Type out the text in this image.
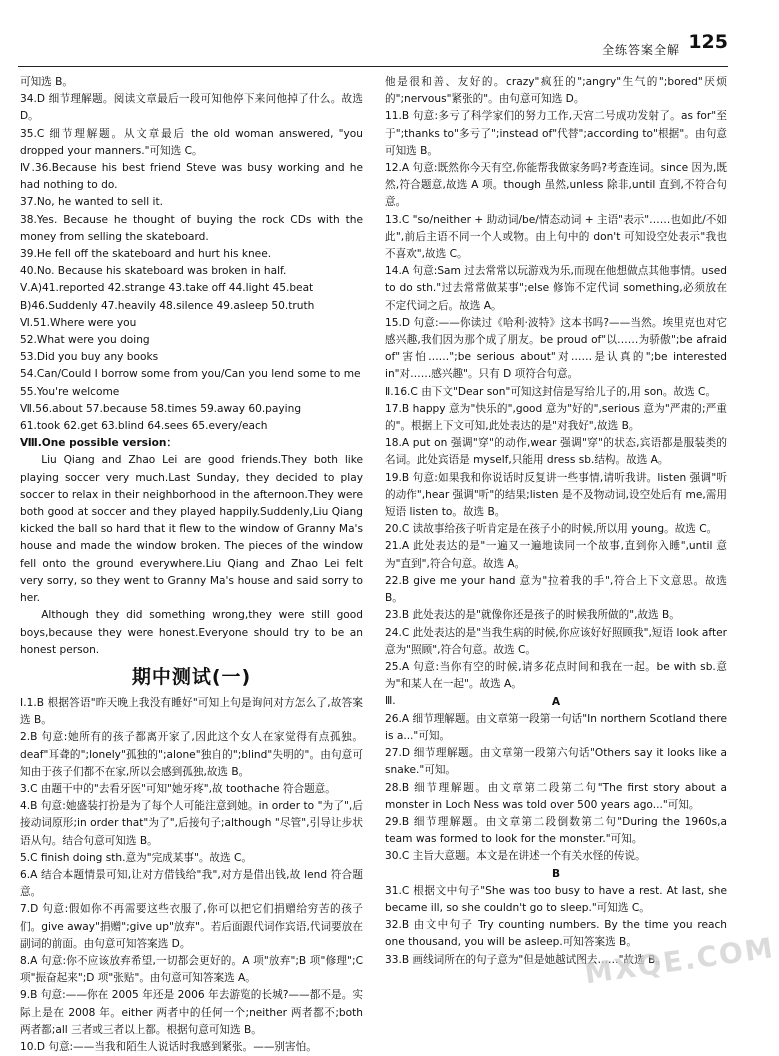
全练答案全解 125

可知选 B。

34.D 细节理解题。阅读文章最后一段可知他停下来问他掉了什么。故选 D。

35.C 细节理解题。从文章最后 the old woman answered, "you dropped your manners."可知选 C。

Ⅳ.36.Because his best friend Steve was busy working and he had nothing to do.

37.No, he wanted to sell it.

38.Yes. Because he thought of buying the rock CDs with the money from selling the skateboard.

39.He fell off the skateboard and hurt his knee.

40.No. Because his skateboard was broken in half.

Ⅴ.A)41.reported 42.strange 43.take off 44.light 45.beat

B)46.Suddenly 47.heavily 48.silence 49.asleep 50.truth

Ⅵ.51.Where were you

52.What were you doing

53.Did you buy any books

54.Can/Could I borrow some from you/Can you lend some to me

55.You're welcome

Ⅶ.56.about 57.because 58.times 59.away 60.paying

61.took 62.get 63.blind 64.sees 65.every/each

Ⅷ.One possible version：

Liu Qiang and Zhao Lei are good friends.They both like playing soccer very much.Last Sunday, they decided to play soccer to relax in their neighborhood in the afternoon.They were both good at soccer and they played happily.Suddenly,Liu Qiang kicked the ball so hard that it flew to the window of Granny Ma's house and made the window broken. The pieces of the window fell onto the ground everywhere.Liu Qiang and Zhao Lei felt very sorry, so they went to Granny Ma's house and said sorry to her.

Although they did something wrong,they were still good boys,because they were honest.Everyone should try to be an honest person.

期中测试(一)

Ⅰ.1.B 根据答语"昨天晚上我没有睡好"可知上句是询问对方怎么了,故答案选 B。

2.B 句意:她所有的孩子都离开家了,因此这个女人在家觉得有点孤独。deaf"耳聋的";lonely"孤独的";alone"独自的";blind"失明的"。由句意可知由于孩子们都不在家,所以会感到孤独,故选 B。

3.C 由题干中的"去看牙医"可知"她牙疼",故 toothache 符合题意。

4.B 句意:她盛装打扮是为了每个人可能注意到她。in order to "为了",后接动词原形;in order that"为了",后接句子;although "尽管",引导让步状语从句。结合句意可知选 B。

5.C finish doing sth.意为"完成某事"。故选 C。

6.A 结合本题情景可知,让对方借钱给"我",对方是借出钱,故 lend 符合题意。

7.D 句意:假如你不再需要这些衣服了,你可以把它们捐赠给穷苦的孩子们。give away"捐赠";give up"放弃"。若后面跟代词作宾语,代词要放在副词的前面。由句意可知答案选 D。

8.A 句意:你不应该放弃希望,一切都会更好的。A 项"放弃";B 项"修理";C 项"振奋起来";D 项"张贴"。由句意可知答案选 A。

9.B 句意:——你在 2005 年还是 2006 年去游览的长城?——都不是。实际上是在 2008 年。either 两者中的任何一个;neither 两者都不;both 两者都;all 三者或三者以上都。根据句意可知选 B。

10.D 句意:——当我和陌生人说话时我感到紧张。——别害怕。

他是很和善、友好的。crazy"疯狂的";angry"生气的";bored"厌烦的";nervous"紧张的"。由句意可知选 D。

11.B 句意:多亏了科学家们的努力工作,天宫二号成功发射了。as for"至于";thanks to"多亏了";instead of"代替";according to"根据"。由句意可知选 B。

12.A 句意:既然你今天有空,你能帮我做家务吗?考查连词。since 因为,既然,符合题意,故选 A 项。though 虽然,unless 除非,until 直到,不符合句意。

13.C "so/neither + 助动词/be/情态动词 + 主语"表示"……也如此/不如此",前后主语不同一个人或物。由上句中的 don't 可知设空处表示"我也不喜欢",故选 C。

14.A 句意:Sam 过去常常以玩游戏为乐,而现在他想做点其他事情。used to do sth."过去常常做某事";else 修饰不定代词 something,必须放在不定代词之后。故选 A。

15.D 句意:——你读过《哈利·波特》这本书吗?——当然。埃里克也对它感兴趣,我们因为那个成了朋友。be proud of"以……为骄傲";be afraid of"害怕……";be serious about"对……是认真的";be interested in"对……感兴趣"。只有 D 项符合句意。

Ⅱ.16.C 由下文"Dear son"可知这封信是写给儿子的,用 son。故选 C。

17.B happy 意为"快乐的",good 意为"好的",serious 意为"严肃的;严重的"。根据上下文可知,此处表达的是"对我好",故选 B。

18.A put on 强调"穿"的动作,wear 强调"穿"的状态,宾语都是服装类的名词。此处宾语是 myself,只能用 dress sb.结构。故选 A。

19.B 句意:如果我和你说话时反复讲一些事情,请听我讲。listen 强调"听的动作",hear 强调"听"的结果;listen 是不及物动词,设空处后有 me,需用短语 listen to。故选 B。

20.C 读故事给孩子听肯定是在孩子小的时候,所以用 young。故选 C。

21.A 此处表达的是"一遍又一遍地读同一个故事,直到你入睡",until 意为"直到",符合句意。故选 A。

22.B give me your hand 意为"拉着我的手",符合上下文意思。故选 B。

23.B 此处表达的是"就像你还是孩子的时候我所做的",故选 B。

24.C 此处表达的是"当我生病的时候,你应该好好照顾我",短语 look after 意为"照顾",符合句意。故选 C。

25.A 句意:当你有空的时候,请多花点时间和我在一起。be with sb.意为"和某人在一起"。故选 A。

Ⅲ.	A

26.A 细节理解题。由文章第一段第一句话"In northern Scotland there is a..."可知。

27.D 细节理解题。由文章第一段第六句话"Others say it looks like a snake."可知。

28.B 细节理解题。由文章第二段第二句"The first story about a monster in Loch Ness was told over 500 years ago..."可知。

29.B 细节理解题。由文章第二段倒数第二句"During the 1960s,a team was formed to look for the monster."可知。

30.C 主旨大意题。本文是在讲述一个有关水怪的传说。

B

31.C 根据文中句子"She was too busy to have a rest. At last, she became ill, so she couldn't go to sleep."可知选 C。

32.B 由文中句子 Try counting numbers. By the time you reach one thousand, you will be asleep.可知答案选 B。

33.B 画线词所在的句子意为"但是她越试图去……"故选 B。

MXQE.COM
